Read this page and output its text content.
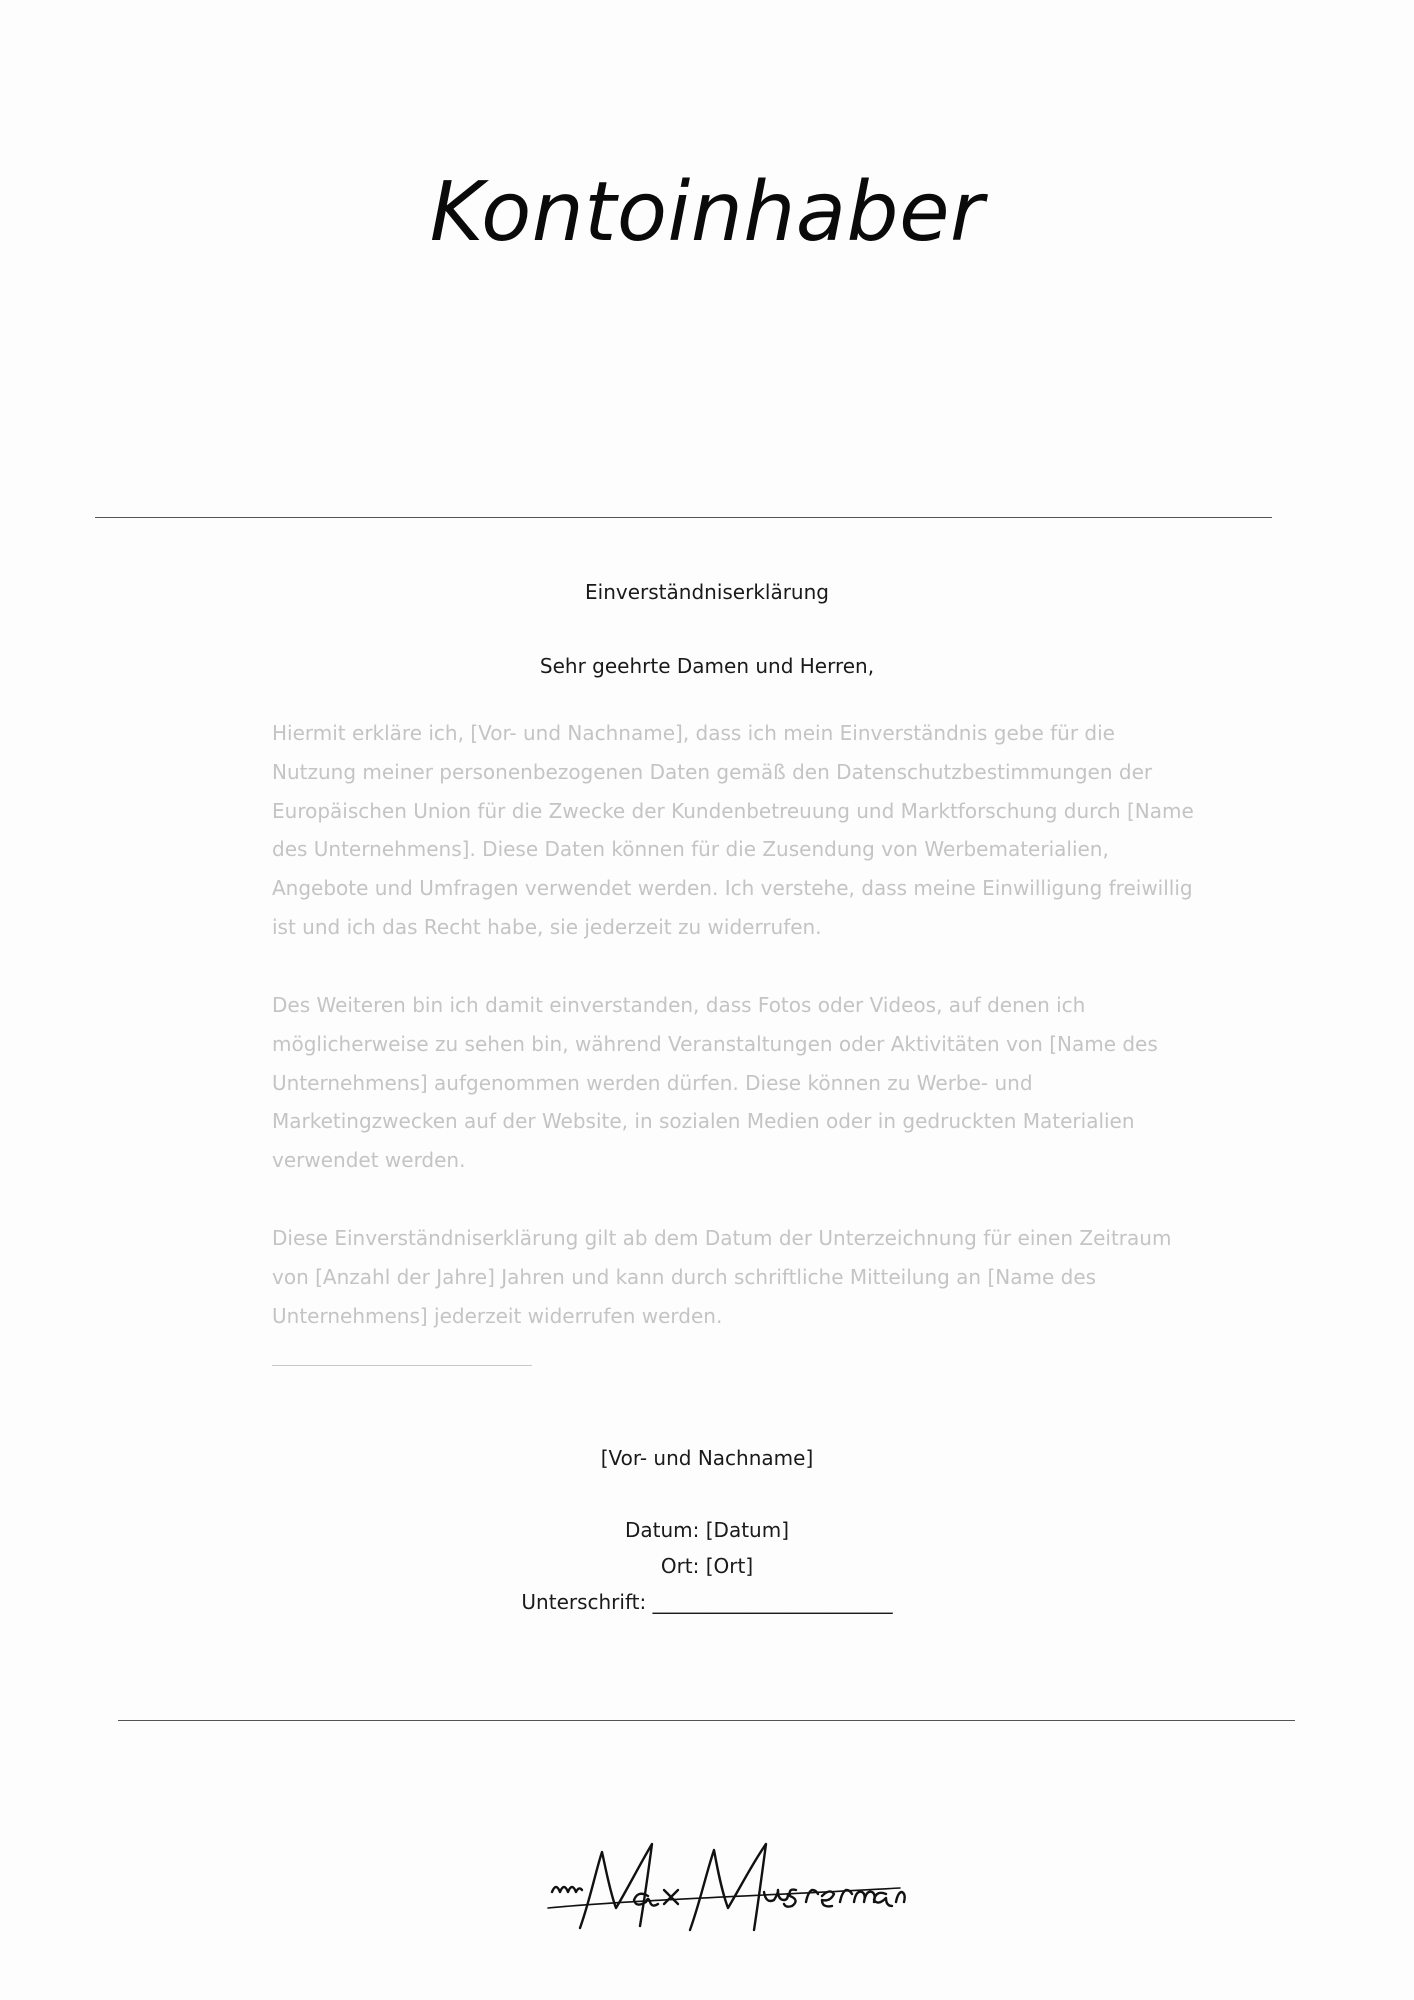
Kontoinhaber
Einverständniserklärung
Sehr geehrte Damen und Herren,
Hiermit erkläre ich, [Vor- und Nachname], dass ich mein Einverständnis gebe für die Nutzung meiner personenbezogenen Daten gemäß den Datenschutzbestimmungen der Europäischen Union für die Zwecke der Kundenbetreuung und Marktforschung durch [Name des Unternehmens]. Diese Daten können für die Zusendung von Werbematerialien, Angebote und Umfragen verwendet werden. Ich verstehe, dass meine Einwilligung freiwillig ist und ich das Recht habe, sie jederzeit zu widerrufen.
Des Weiteren bin ich damit einverstanden, dass Fotos oder Videos, auf denen ich möglicherweise zu sehen bin, während Veranstaltungen oder Aktivitäten von [Name des Unternehmens] aufgenommen werden dürfen. Diese können zu Werbe- und Marketingzwecken auf der Website, in sozialen Medien oder in gedruckten Materialien verwendet werden.
Diese Einverständniserklärung gilt ab dem Datum der Unterzeichnung für einen Zeitraum von [Anzahl der Jahre] Jahren und kann durch schriftliche Mitteilung an [Name des Unternehmens] jederzeit widerrufen werden.
[Vor- und Nachname]
Datum: [Datum]
Ort: [Ort]
Unterschrift: ________________________
